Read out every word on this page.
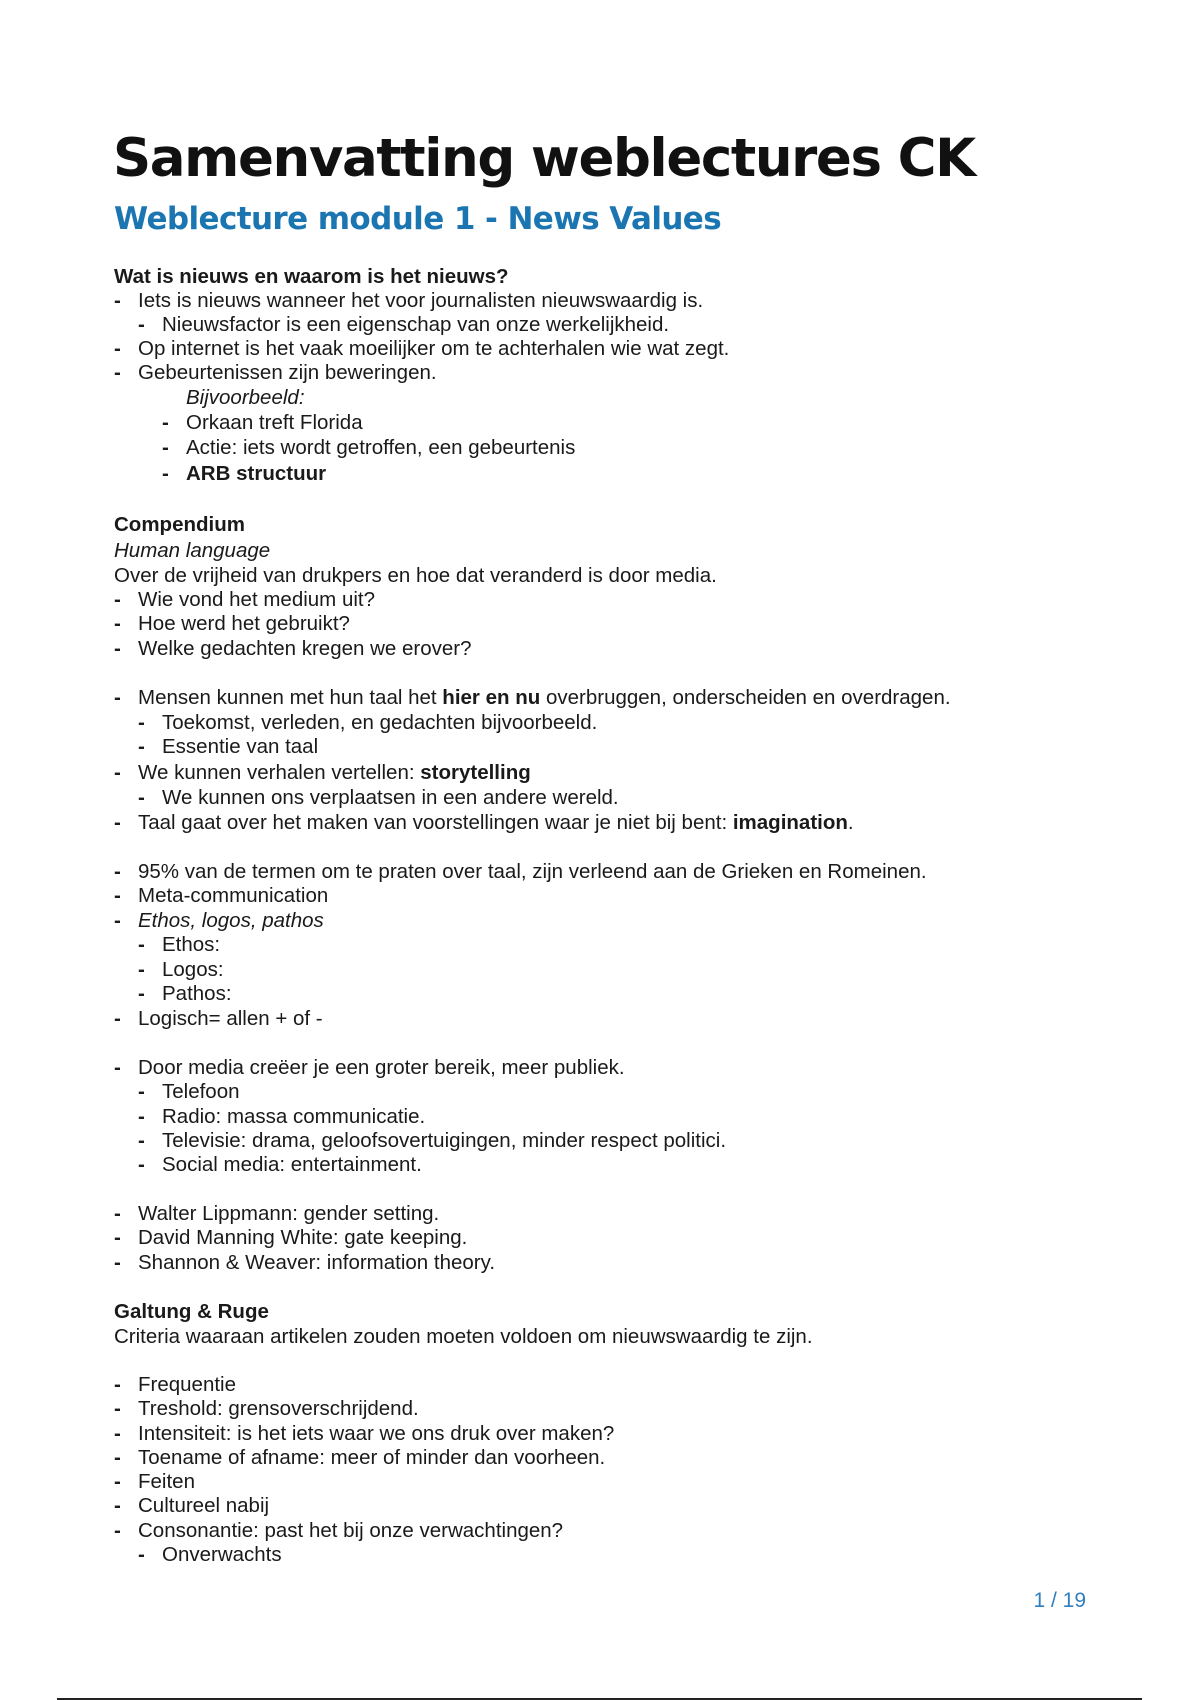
Samenvatting weblectures CK
Weblecture module 1 - News Values
Wat is nieuws en waarom is het nieuws?
- Iets is nieuws wanneer het voor journalisten nieuwswaardig is.
- Nieuwsfactor is een eigenschap van onze werkelijkheid.
- Op internet is het vaak moeilijker om te achterhalen wie wat zegt.
- Gebeurtenissen zijn beweringen.
Bijvoorbeeld:
- Orkaan treft Florida
- Actie: iets wordt getroffen, een gebeurtenis
- ARB structuur
Compendium
Human language
Over de vrijheid van drukpers en hoe dat veranderd is door media.
- Wie vond het medium uit?
- Hoe werd het gebruikt?
- Welke gedachten kregen we erover?
- Mensen kunnen met hun taal het hier en nu overbruggen, onderscheiden en overdragen.
- Toekomst, verleden, en gedachten bijvoorbeeld.
- Essentie van taal
- We kunnen verhalen vertellen: storytelling
- We kunnen ons verplaatsen in een andere wereld.
- Taal gaat over het maken van voorstellingen waar je niet bij bent: imagination.
- 95% van de termen om te praten over taal, zijn verleend aan de Grieken en Romeinen.
- Meta-communication
- Ethos, logos, pathos
- Ethos:
- Logos:
- Pathos:
- Logisch= allen + of -
- Door media creëer je een groter bereik, meer publiek.
- Telefoon
- Radio: massa communicatie.
- Televisie: drama, geloofsovertuigingen, minder respect politici.
- Social media: entertainment.
- Walter Lippmann: gender setting.
- David Manning White: gate keeping.
- Shannon & Weaver: information theory.
Galtung & Ruge
Criteria waaraan artikelen zouden moeten voldoen om nieuwswaardig te zijn.
- Frequentie
- Treshold: grensoverschrijdend.
- Intensiteit: is het iets waar we ons druk over maken?
- Toename of afname: meer of minder dan voorheen.
- Feiten
- Cultureel nabij
- Consonantie: past het bij onze verwachtingen?
- Onverwachts
1 / 19
